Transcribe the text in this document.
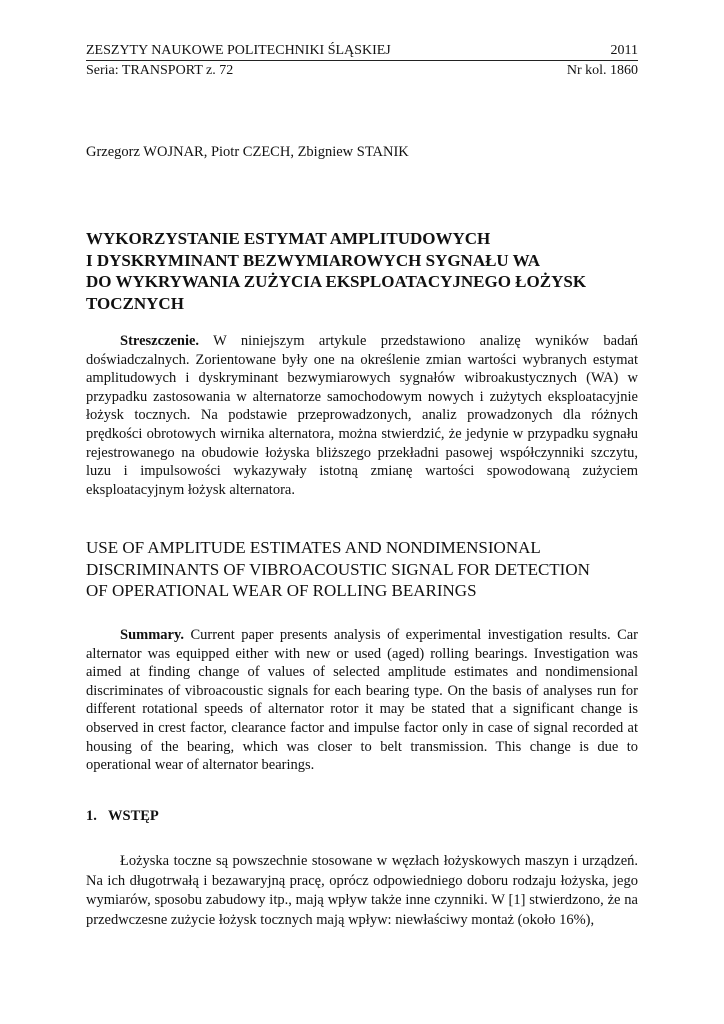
ZESZYTY NAUKOWE POLITECHNIKI ŚLĄSKIEJ	2011
Seria: TRANSPORT z. 72	Nr kol. 1860
Grzegorz WOJNAR, Piotr CZECH, Zbigniew STANIK
WYKORZYSTANIE ESTYMAT AMPLITUDOWYCH
I DYSKRYMINANT BEZWYMIAROWYCH SYGNAŁU WA
DO WYKRYWANIA ZUŻYCIA EKSPLOATACYJNEGO ŁOŻYSK
TOCZNYCH

Streszczenie. W niniejszym artykule przedstawiono analizę wyników badań doświadczalnych. Zorientowane były one na określenie zmian wartości wybranych estymat amplitudowych i dyskryminant bezwymiarowych sygnałów wibroakustycznych (WA) w przypadku zastosowania w alternatorze samochodowym nowych i zużytych eksploatacyjnie łożysk tocznych. Na podstawie przeprowadzonych, analiz prowadzonych dla różnych prędkości obrotowych wirnika alternatora, można stwierdzić, że jedynie w przypadku sygnału rejestrowanego na obudowie łożyska bliższego przekładni pasowej współczynniki szczytu, luzu i impulsowości wykazywały istotną zmianę wartości spowodowaną zużyciem eksploatacyjnym łożysk alternatora.

USE OF AMPLITUDE ESTIMATES AND NONDIMENSIONAL
DISCRIMINANTS OF VIBROACOUSTIC SIGNAL FOR DETECTION
OF OPERATIONAL WEAR OF ROLLING BEARINGS

Summary. Current paper presents analysis of experimental investigation results. Car alternator was equipped either with new or used (aged) rolling bearings. Investigation was aimed at finding change of values of selected amplitude estimates and nondimensional discriminates of vibroacoustic signals for each bearing type. On the basis of analyses run for different rotational speeds of alternator rotor it may be stated that a significant change is observed in crest factor, clearance factor and impulse factor only in case of signal recorded at housing of the bearing, which was closer to belt transmission. This change is due to operational wear of alternator bearings.

1. WSTĘP

Łożyska toczne są powszechnie stosowane w węzłach łożyskowych maszyn i urządzeń. Na ich długotrwałą i bezawaryjną pracę, oprócz odpowiedniego doboru rodzaju łożyska, jego wymiarów, sposobu zabudowy itp., mają wpływ także inne czynniki. W [1] stwierdzono, że na przedwczesne zużycie łożysk tocznych mają wpływ: niewłaściwy montaż (około 16%),
